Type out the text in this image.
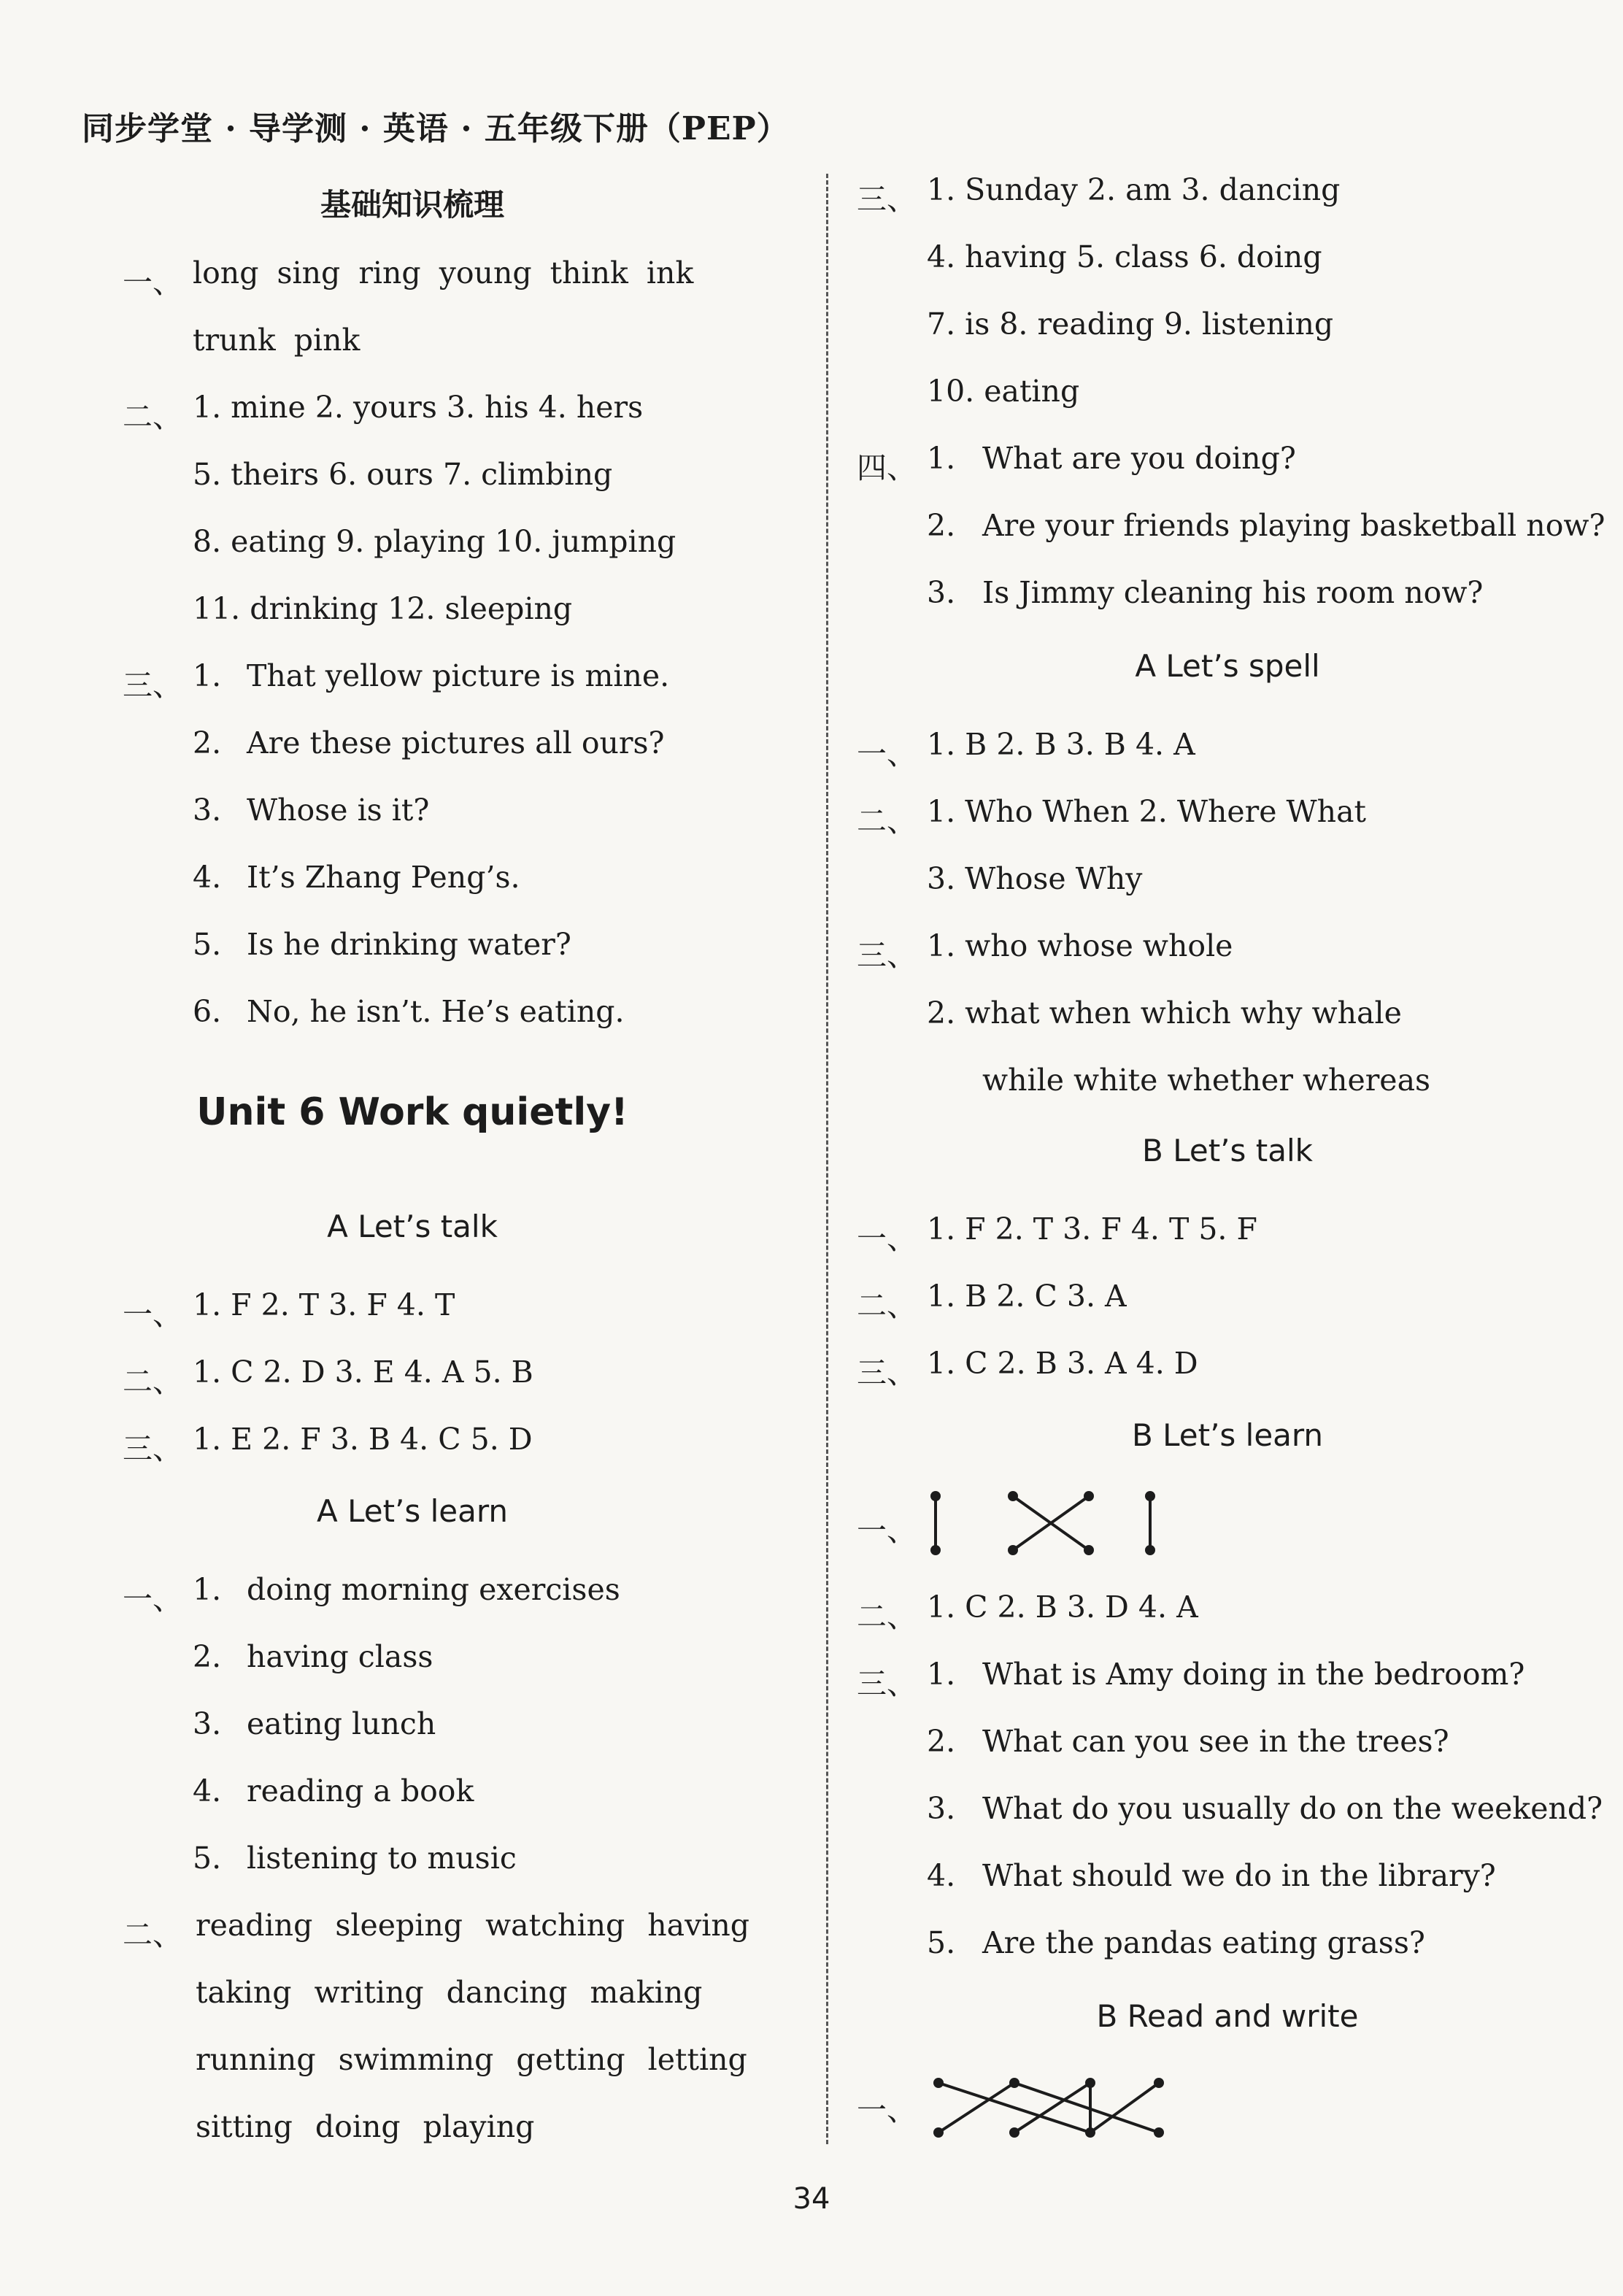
同步学堂 · 导学测 · 英语 · 五年级下册（PEP）
基础知识梳理
一、 long sing ring young think ink
trunk pink
二、 1. mine 2. yours 3. his 4. hers
5. theirs 6. ours 7. climbing
8. eating 9. playing 10. jumping
11. drinking 12. sleeping
三、 1. That yellow picture is mine.
2. Are these pictures all ours?
3. Whose is it?
4. It’s Zhang Peng’s.
5. Is he drinking water?
6. No, he isn’t. He’s eating.
Unit 6 Work quietly!
A Let’s talk
一、 1. F 2. T 3. F 4. T
二、 1. C 2. D 3. E 4. A 5. B
三、 1. E 2. F 3. B 4. C 5. D
A Let’s learn
一、 1. doing morning exercises
2. having class
3. eating lunch
4. reading a book
5. listening to music
二、 reading sleeping watching having
taking writing dancing making
running swimming getting letting
sitting doing playing
三、 1. Sunday 2. am 3. dancing
4. having 5. class 6. doing
7. is 8. reading 9. listening
10. eating
四、 1. What are you doing?
2. Are your friends playing basketball now?
3. Is Jimmy cleaning his room now?
A Let’s spell
一、 1. B 2. B 3. B 4. A
二、 1. Who When 2. Where What
3. Whose Why
三、 1. who whose whole
2. what when which why whale
while white whether whereas
B Let’s talk
一、 1. F 2. T 3. F 4. T 5. F
二、 1. B 2. C 3. A
三、 1. C 2. B 3. A 4. D
B Let’s learn
一、
二、 1. C 2. B 3. D 4. A
三、 1. What is Amy doing in the bedroom?
2. What can you see in the trees?
3. What do you usually do on the weekend?
4. What should we do in the library?
5. Are the pandas eating grass?
B Read and write
一、
34
